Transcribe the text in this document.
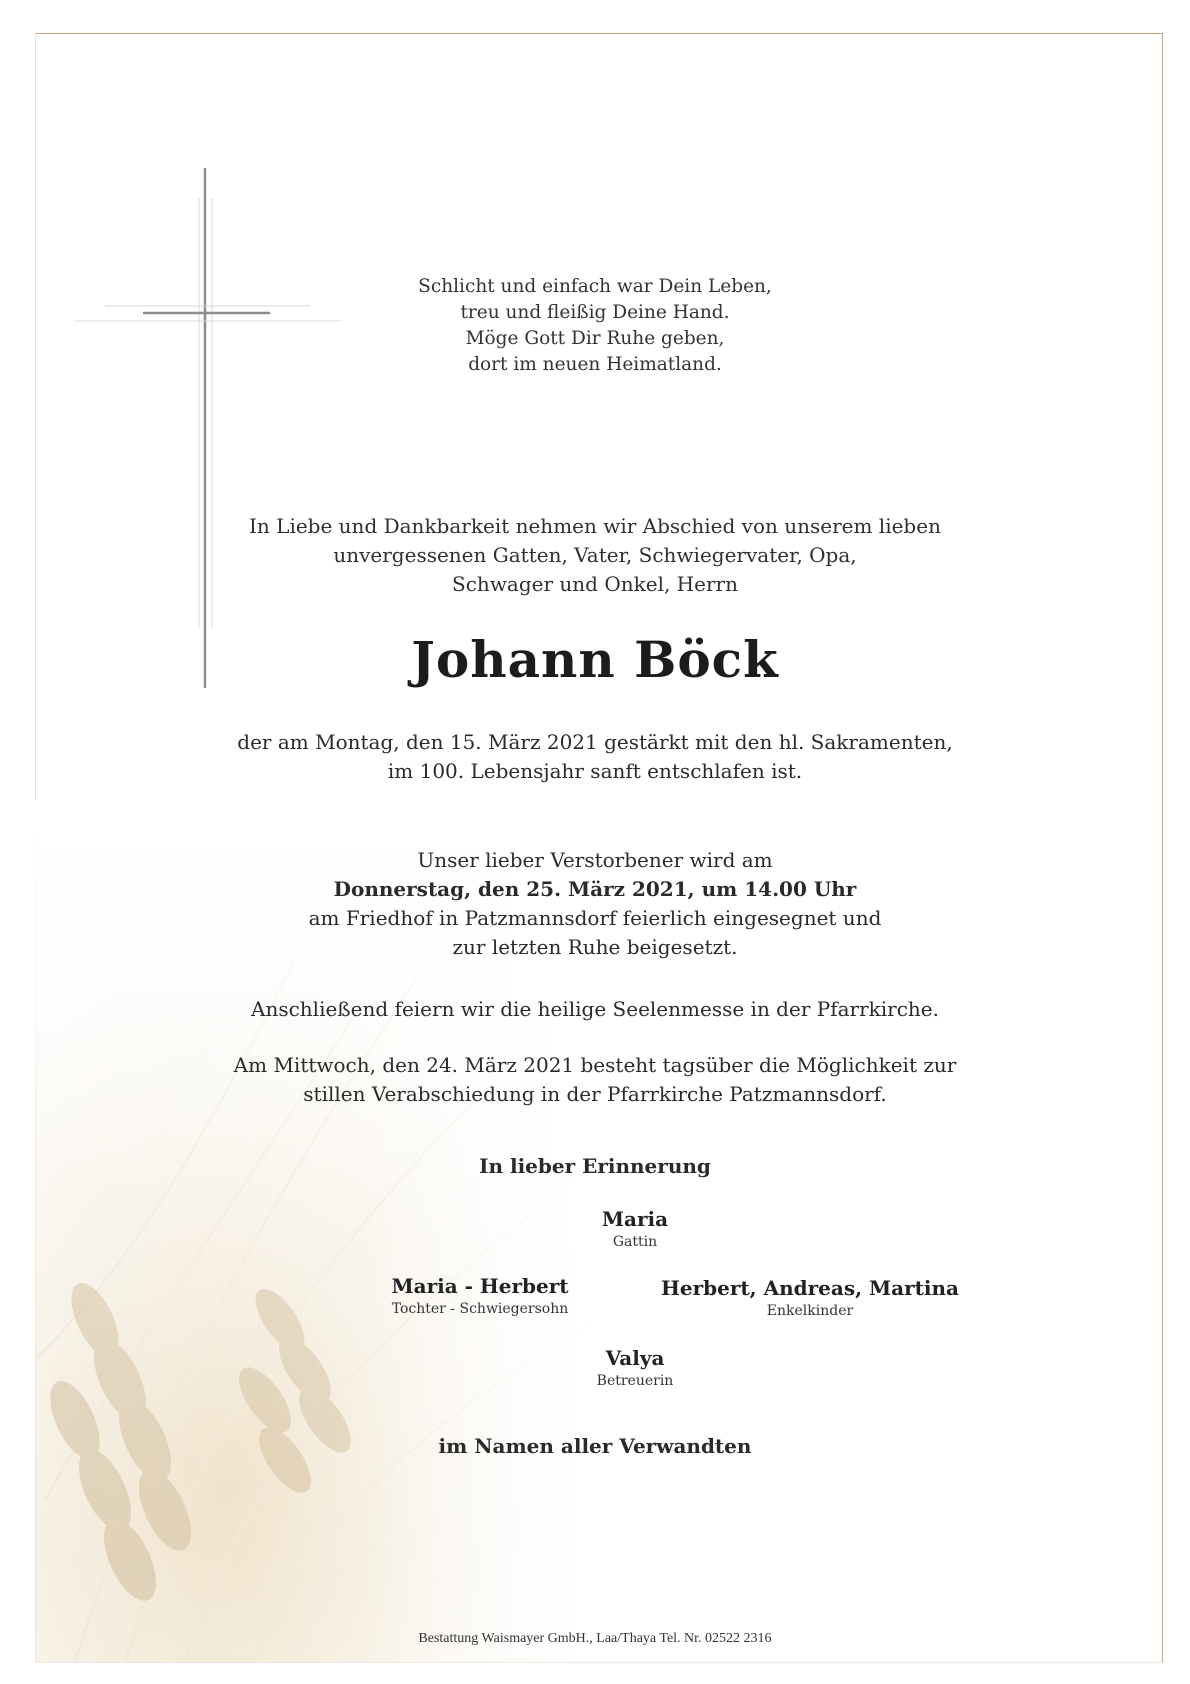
Schlicht und einfach war Dein Leben,
treu und fleißig Deine Hand.
Möge Gott Dir Ruhe geben,
dort im neuen Heimatland.
In Liebe und Dankbarkeit nehmen wir Abschied von unserem lieben
unvergessenen Gatten, Vater, Schwiegervater, Opa,
Schwager und Onkel, Herrn
Johann Böck
der am Montag, den 15. März 2021 gestärkt mit den hl. Sakramenten,
im 100. Lebensjahr sanft entschlafen ist.
Unser lieber Verstorbener wird am
Donnerstag, den 25. März 2021, um 14.00 Uhr
am Friedhof in Patzmannsdorf feierlich eingesegnet und
zur letzten Ruhe beigesetzt.
Anschließend feiern wir die heilige Seelenmesse in der Pfarrkirche.
Am Mittwoch, den 24. März 2021 besteht tagsüber die Möglichkeit zur
stillen Verabschiedung in der Pfarrkirche Patzmannsdorf.
In lieber Erinnerung
Maria
Gattin
Maria - Herbert
Tochter - Schwiegersohn
Herbert, Andreas, Martina
Enkelkinder
Valya
Betreuerin
im Namen aller Verwandten
Bestattung Waismayer GmbH., Laa/Thaya Tel. Nr. 02522 2316
